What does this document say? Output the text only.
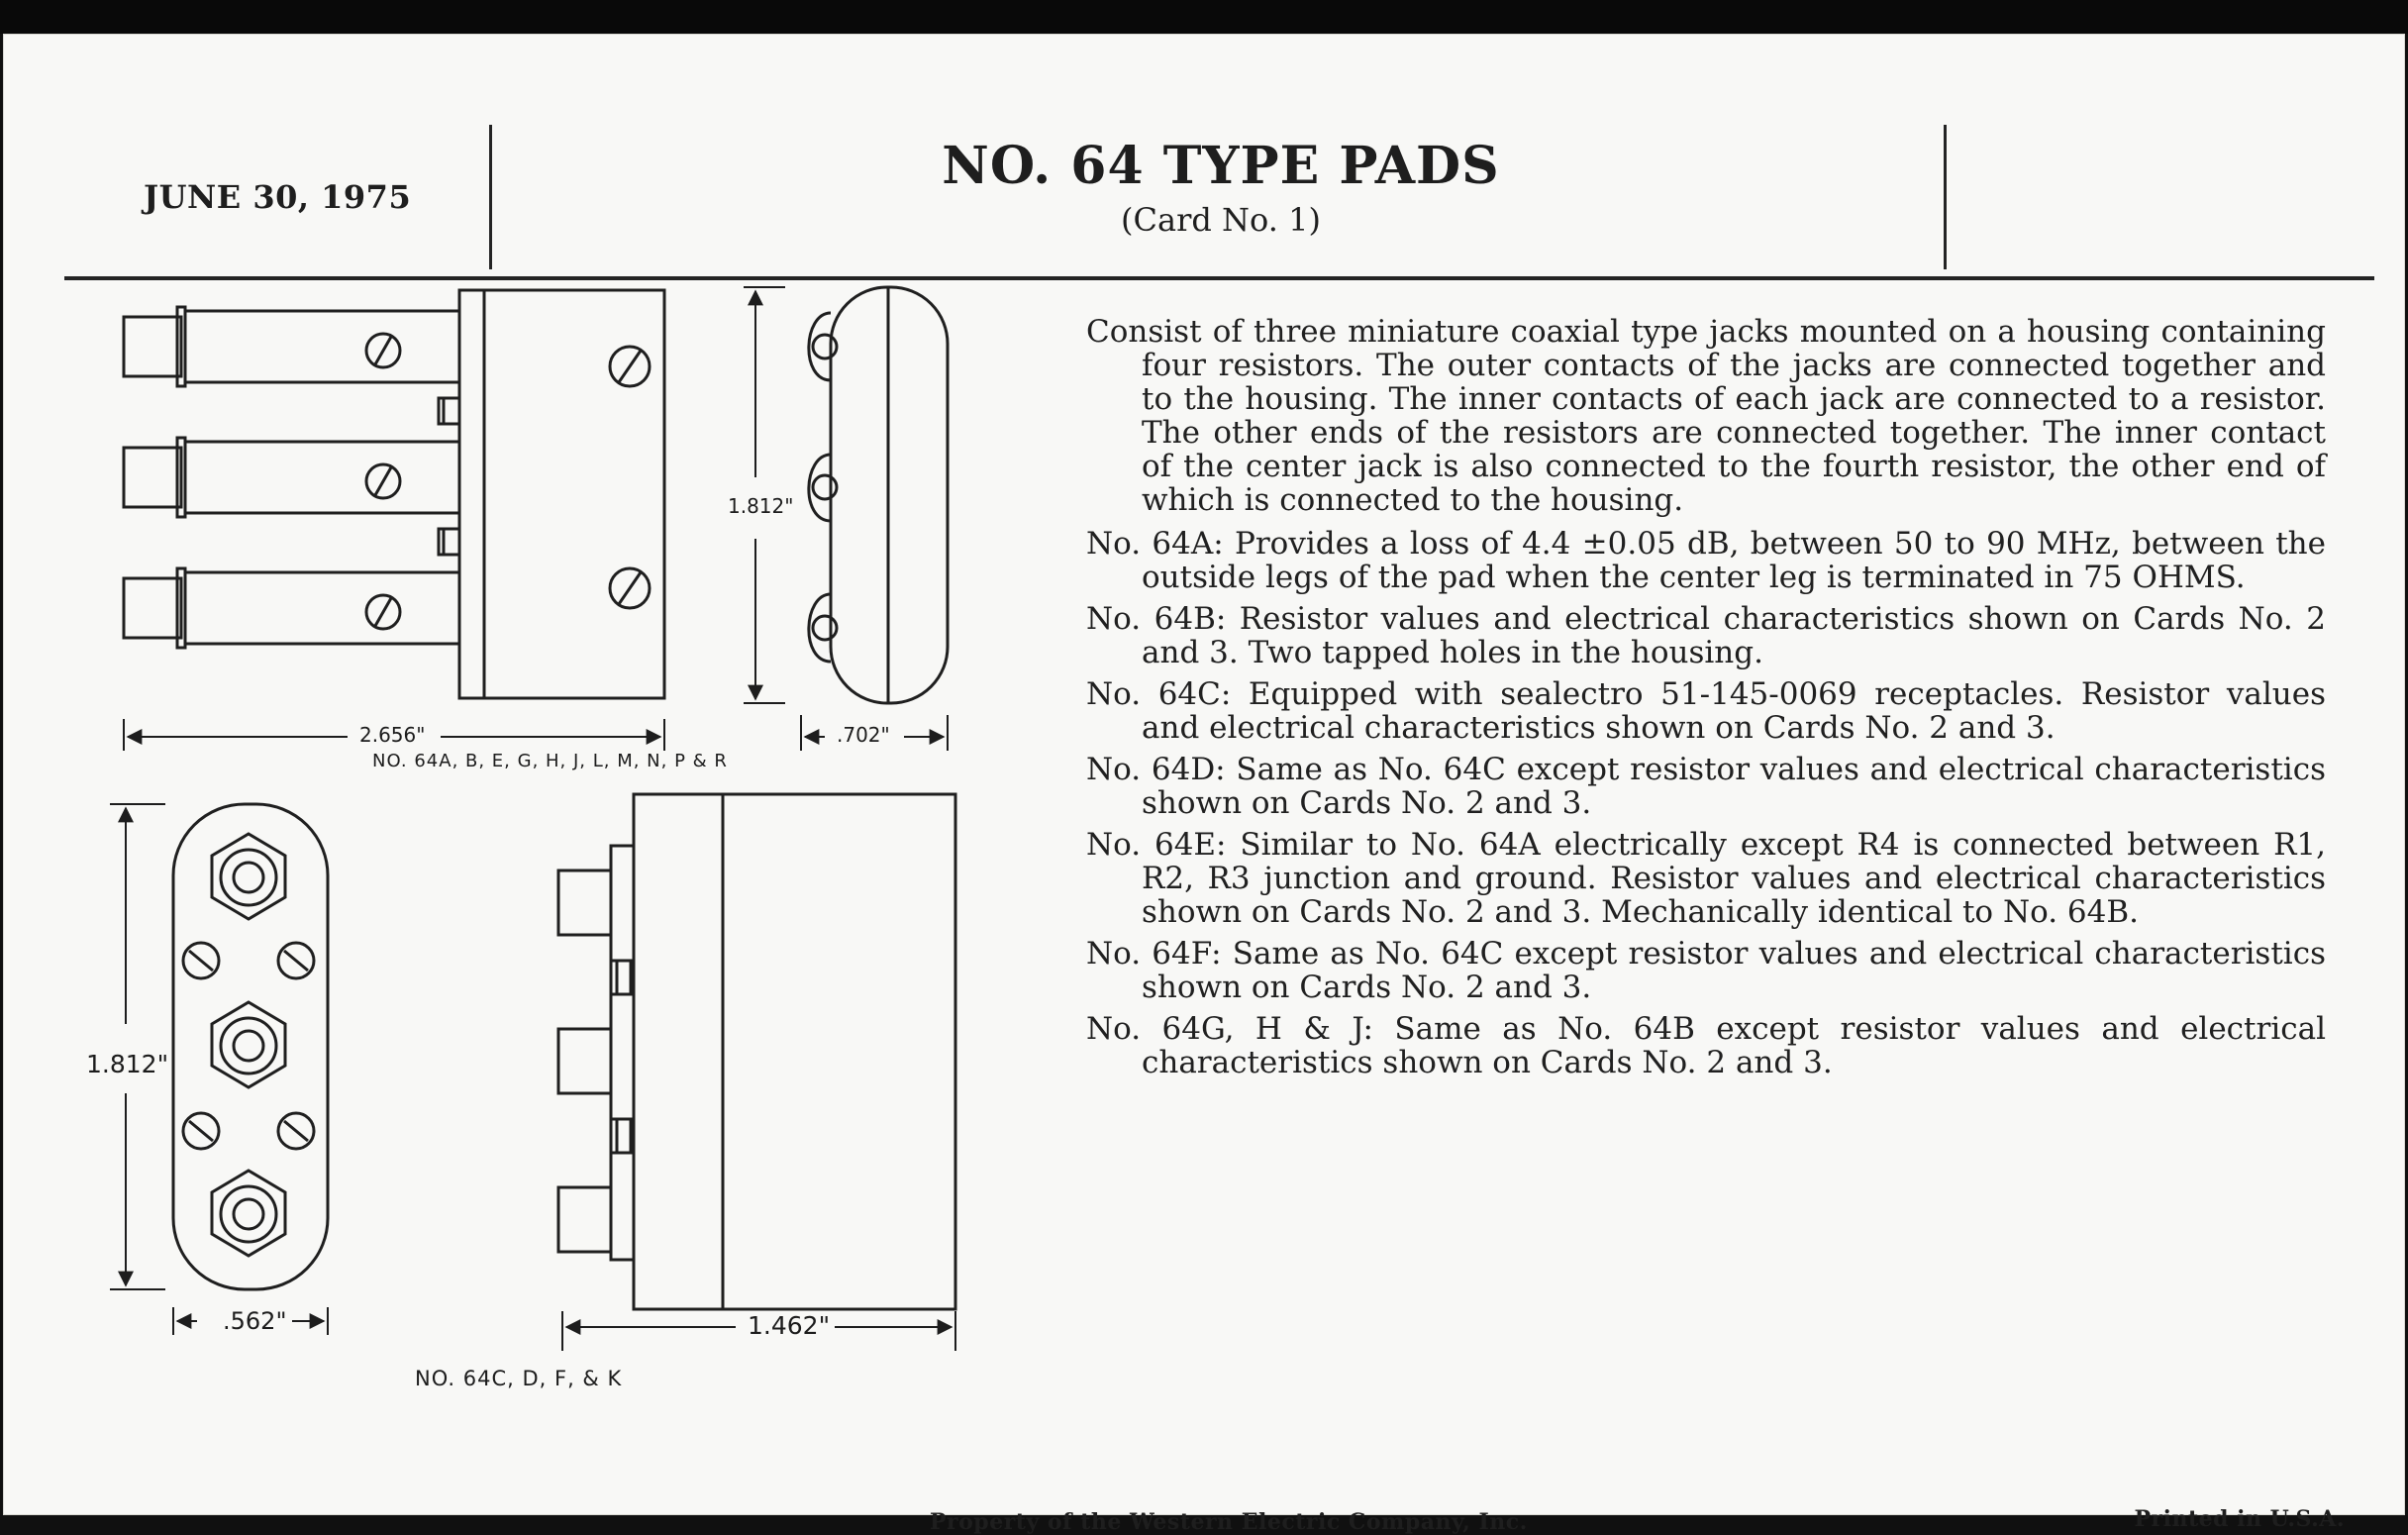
JUNE 30, 1975
NO. 64 TYPE PADS
(Card No. 1)
2.656"
1.812"
.702"
NO. 64A, B, E, G, H, J, L, M, N, P & R
1.812"
.562"	1.462"
NO. 64C, D, F, & K

Consist of three miniature coaxial type jacks mounted on a housing containing four resistors. The outer contacts of the jacks are connected together and to the housing. The inner contacts of each jack are connected to a resistor. The other ends of the resistors are connected together. The inner contact of the center jack is also connected to the fourth resistor, the other end of which is connected to the housing.

No. 64A: Provides a loss of 4.4 ±0.05 dB, between 50 to 90 MHz, between the outside legs of the pad when the center leg is terminated in 75 OHMS.

No. 64B: Resistor values and electrical characteristics shown on Cards No. 2 and 3. Two tapped holes in the housing.

No. 64C: Equipped with sealectro 51-145-0069 receptacles. Resistor values and electrical characteristics shown on Cards No. 2 and 3.

No. 64D: Same as No. 64C except resistor values and electrical characteristics shown on Cards No. 2 and 3.

No. 64E: Similar to No. 64A electrically except R4 is connected between R1, R2, R3 junction and ground. Resistor values and electrical characteristics shown on Cards No. 2 and 3. Mechanically identical to No. 64B.

No. 64F: Same as No. 64C except resistor values and electrical characteristics shown on Cards No. 2 and 3.

No. 64G, H & J: Same as No. 64B except resistor values and electrical characteristics shown on Cards No. 2 and 3.

Property of the Western Electric Company, Inc.	Printed in U.S.A.
